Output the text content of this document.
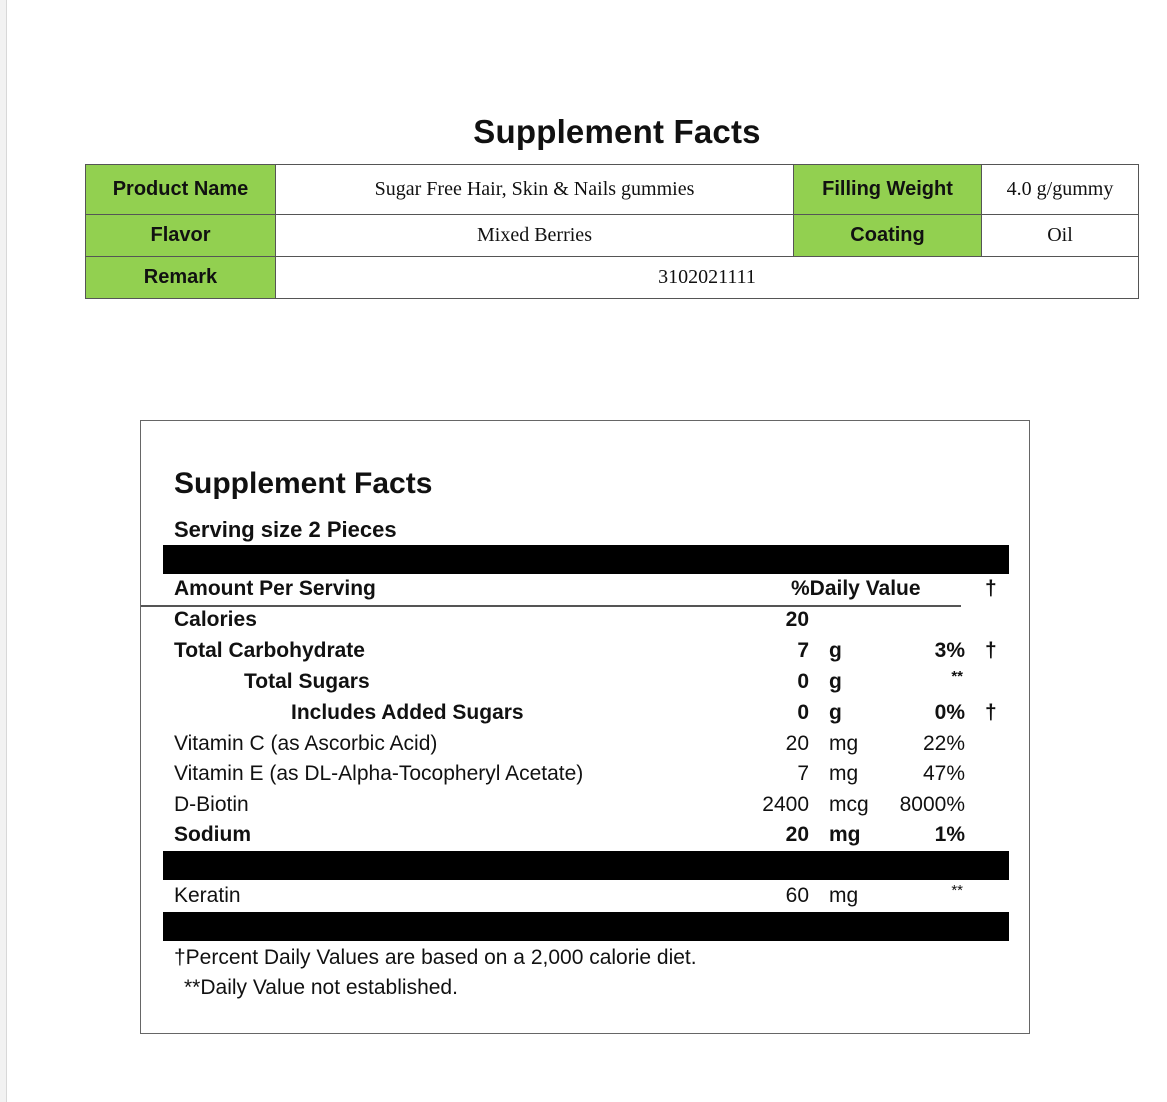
Supplement Facts
Product Name	Sugar Free Hair, Skin & Nails gummies	Filling Weight	4.0 g/gummy
Flavor	Mixed Berries	Coating	Oil
Remark	3102021111		
Supplement Facts
Serving size 2 Pieces
Amount Per Serving	%Daily Value	†
Calories	20
Total Carbohydrate	7 g	3% †
Total Sugars	0 g	**
Includes Added Sugars	0 g	0% †
Vitamin C (as Ascorbic Acid)	20 mg	22%
Vitamin E (as DL-Alpha-Tocopheryl Acetate)	7 mg	47%
D-Biotin	2400 mcg 8000%
Sodium	20 mg	1%
Keratin	60 mg	**
†Percent Daily Values are based on a 2,000 calorie diet.
**Daily Value not established.
